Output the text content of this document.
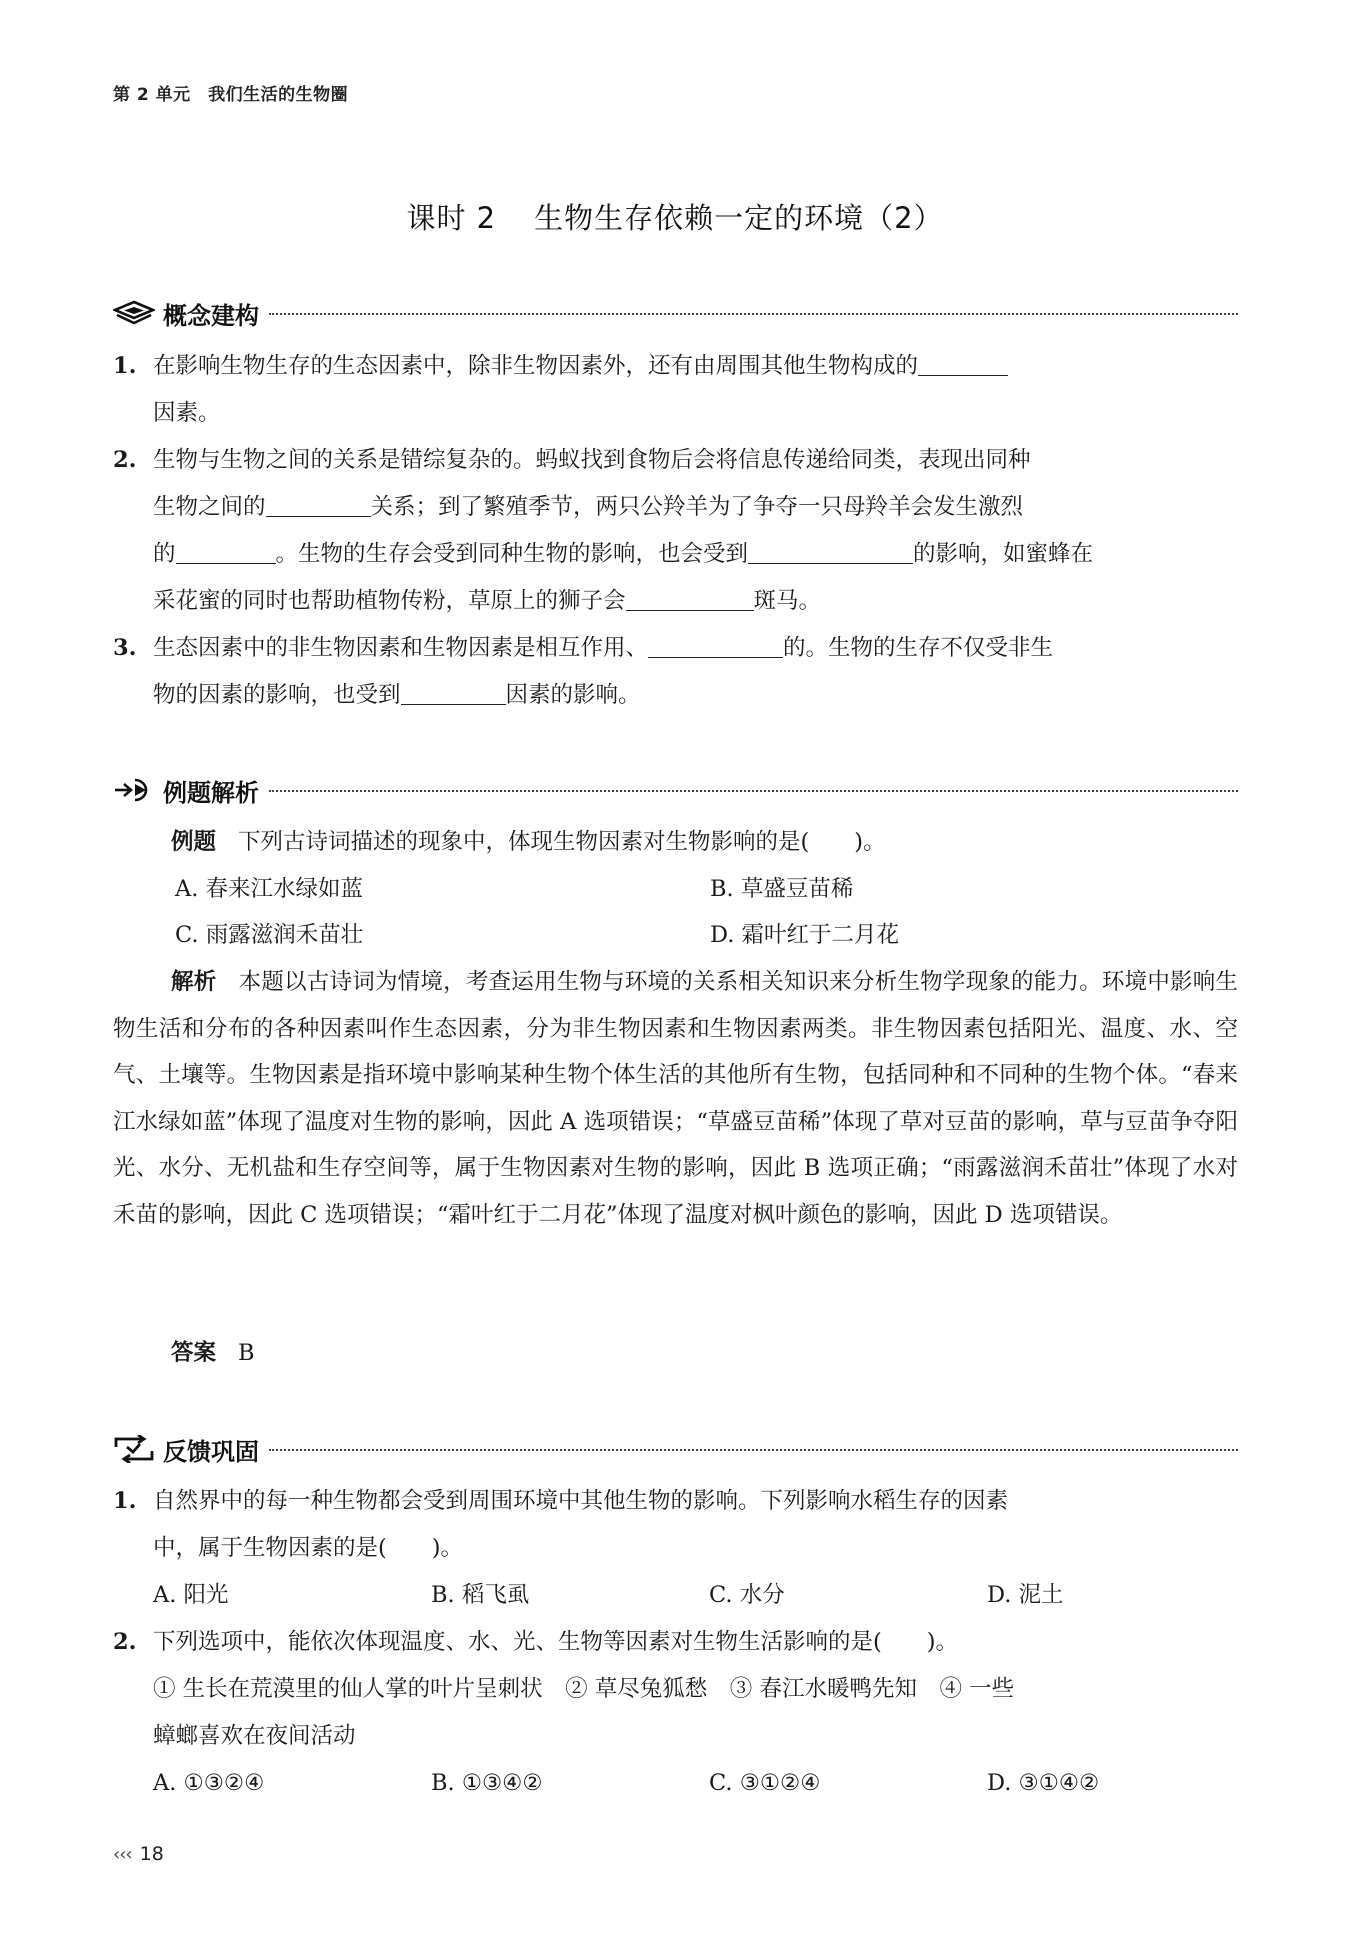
第 2 单元　我们生活的生物圈
课时 2 生物生存依赖一定的环境（2）
概念建构
1. 在影响生物生存的生态因素中，除非生物因素外，还有由周围其他生物构成的
因素。
2. 生物与生物之间的关系是错综复杂的。蚂蚁找到食物后会将信息传递给同类，表现出同种
生物之间的	关系；到了繁殖季节，两只公羚羊为了争夺一只母羚羊会发生激烈
的	。生物的生存会受到同种生物的影响，也会受到	的影响，如蜜蜂在
采花蜜的同时也帮助植物传粉，草原上的狮子会	斑马。
3. 生态因素中的非生物因素和生物因素是相互作用、	的。生物的生存不仅受非生
物的因素的影响，也受到	因素的影响。
例题解析
例题 下列古诗词描述的现象中，体现生物因素对生物影响的是(　　)。
A. 春来江水绿如蓝	B. 草盛豆苗稀
C. 雨露滋润禾苗壮	D. 霜叶红于二月花
解析 本题以古诗词为情境，考查运用生物与环境的关系相关知识来分析生物学现象的能力。环境中影响生物生活和分布的各种因素叫作生态因素，分为非生物因素和生物因素两类。非生物因素包括阳光、温度、水、空气、土壤等。生物因素是指环境中影响某种生物个体生活的其他所有生物，包括同种和不同种的生物个体。“春来江水绿如蓝”体现了温度对生物的影响，因此 A 选项错误；“草盛豆苗稀”体现了草对豆苗的影响，草与豆苗争夺阳光、水分、无机盐和生存空间等，属于生物因素对生物的影响，因此 B 选项正确；“雨露滋润禾苗壮”体现了水对禾苗的影响，因此 C 选项错误；“霜叶红于二月花”体现了温度对枫叶颜色的影响，因此 D 选项错误。
答案 B
反馈巩固
1. 自然界中的每一种生物都会受到周围环境中其他生物的影响。下列影响水稻生存的因素
中，属于生物因素的是(　　)。
A. 阳光	B. 稻飞虱	C. 水分	D. 泥土
2. 下列选项中，能依次体现温度、水、光、生物等因素对生物生活影响的是(　　)。
① 生长在荒漠里的仙人掌的叶片呈刺状　② 草尽兔狐愁　③ 春江水暖鸭先知　④ 一些
蟑螂喜欢在夜间活动
A. ①③②④	B. ①③④②	C. ③①②④	D. ③①④②
‹‹‹ 18
